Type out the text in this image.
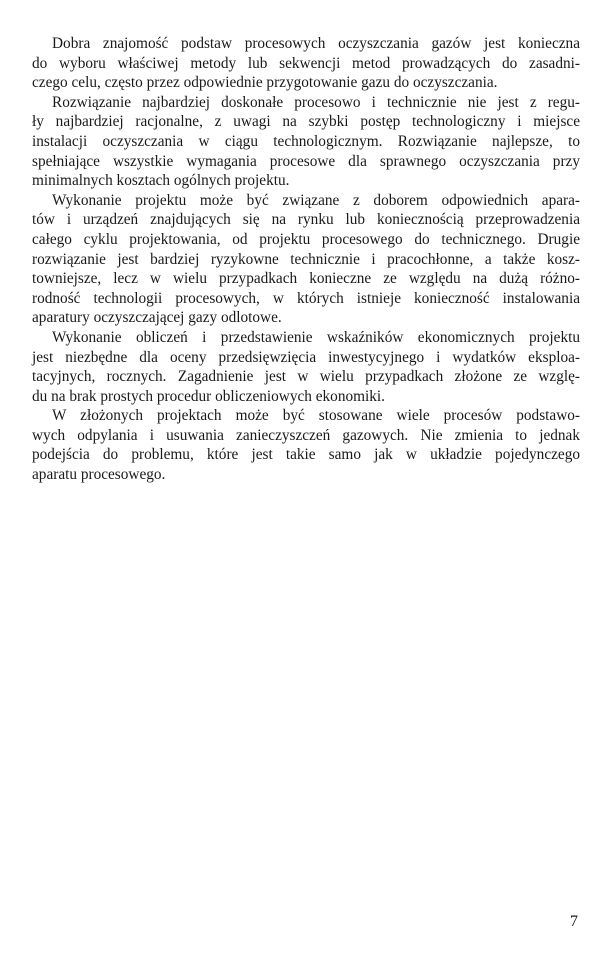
Dobra znajomość podstaw procesowych oczyszczania gazów jest konieczna
do wyboru właściwej metody lub sekwencji metod prowadzących do zasadni-
czego celu, często przez odpowiednie przygotowanie gazu do oczyszczania.
Rozwiązanie najbardziej doskonałe procesowo i technicznie nie jest z regu-
ły najbardziej racjonalne, z uwagi na szybki postęp technologiczny i miejsce
instalacji oczyszczania w ciągu technologicznym. Rozwiązanie najlepsze, to
spełniające wszystkie wymagania procesowe dla sprawnego oczyszczania przy
minimalnych kosztach ogólnych projektu.
Wykonanie projektu może być związane z doborem odpowiednich apara-
tów i urządzeń znajdujących się na rynku lub koniecznością przeprowadzenia
całego cyklu projektowania, od projektu procesowego do technicznego. Drugie
rozwiązanie jest bardziej ryzykowne technicznie i pracochłonne, a także kosz-
towniejsze, lecz w wielu przypadkach konieczne ze względu na dużą różno-
rodność technologii procesowych, w których istnieje konieczność instalowania
aparatury oczyszczającej gazy odlotowe.
Wykonanie obliczeń i przedstawienie wskaźników ekonomicznych projektu
jest niezbędne dla oceny przedsięwzięcia inwestycyjnego i wydatków eksploa-
tacyjnych, rocznych. Zagadnienie jest w wielu przypadkach złożone ze wzglę-
du na brak prostych procedur obliczeniowych ekonomiki.
W złożonych projektach może być stosowane wiele procesów podstawo-
wych odpylania i usuwania zanieczyszczeń gazowych. Nie zmienia to jednak
podejścia do problemu, które jest takie samo jak w układzie pojedynczego
aparatu procesowego.
7
